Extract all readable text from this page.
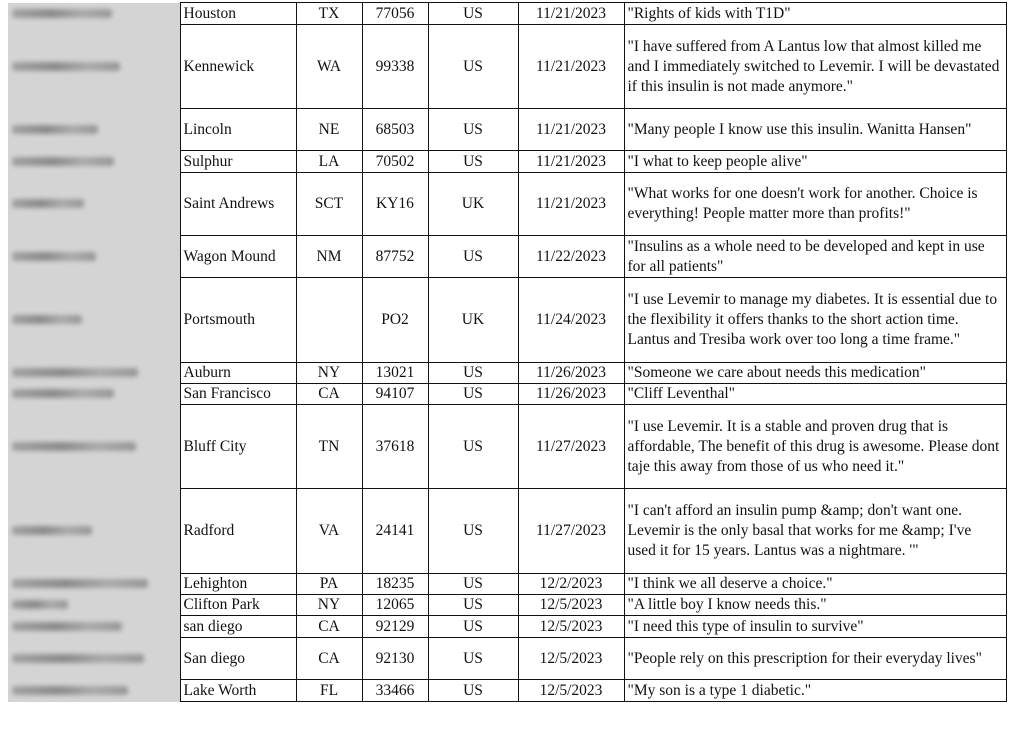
	Houston	TX	77056	US	11/21/2023	"Rights of kids with T1D"
	Kennewick	WA	99338	US	11/21/2023	"I have suffered from A Lantus low that almost killed me and I immediately switched to Levemir. I will be devastated if this insulin is not made anymore."
	Lincoln	NE	68503	US	11/21/2023	"Many people I know use this insulin. Wanitta Hansen"
	Sulphur	LA	70502	US	11/21/2023	"I what to keep people alive"
	Saint Andrews	SCT	KY16	UK	11/21/2023	"What works for one doesn't work for another. Choice is everything! People matter more than profits!"
	Wagon Mound	NM	87752	US	11/22/2023	"Insulins as a whole need to be developed and kept in use for all patients"
	Portsmouth		PO2	UK	11/24/2023	"I use Levemir to manage my diabetes. It is essential due to the flexibility it offers thanks to the short action time. Lantus and Tresiba work over too long a time frame."
	Auburn	NY	13021	US	11/26/2023	"Someone we care about needs this medication"
	San Francisco	CA	94107	US	11/26/2023	"Cliff Leventhal"
	Bluff City	TN	37618	US	11/27/2023	"I use Levemir. It is a stable and proven drug that is affordable, The benefit of this drug is awesome. Please dont taje this away from those of us who need it."
	Radford	VA	24141	US	11/27/2023	"I can't afford an insulin pump &amp; don't want one. Levemir is the only basal that works for me &amp; I've used it for 15 years. Lantus was a nightmare. '"
	Lehighton	PA	18235	US	12/2/2023	"I think we all deserve a choice."
	Clifton Park	NY	12065	US	12/5/2023	"A little boy I know needs this."
	san diego	CA	92129	US	12/5/2023	"I need this type of insulin to survive"
	San diego	CA	92130	US	12/5/2023	"People rely on this prescription for their everyday lives"
	Lake Worth	FL	33466	US	12/5/2023	"My son is a type 1 diabetic."
